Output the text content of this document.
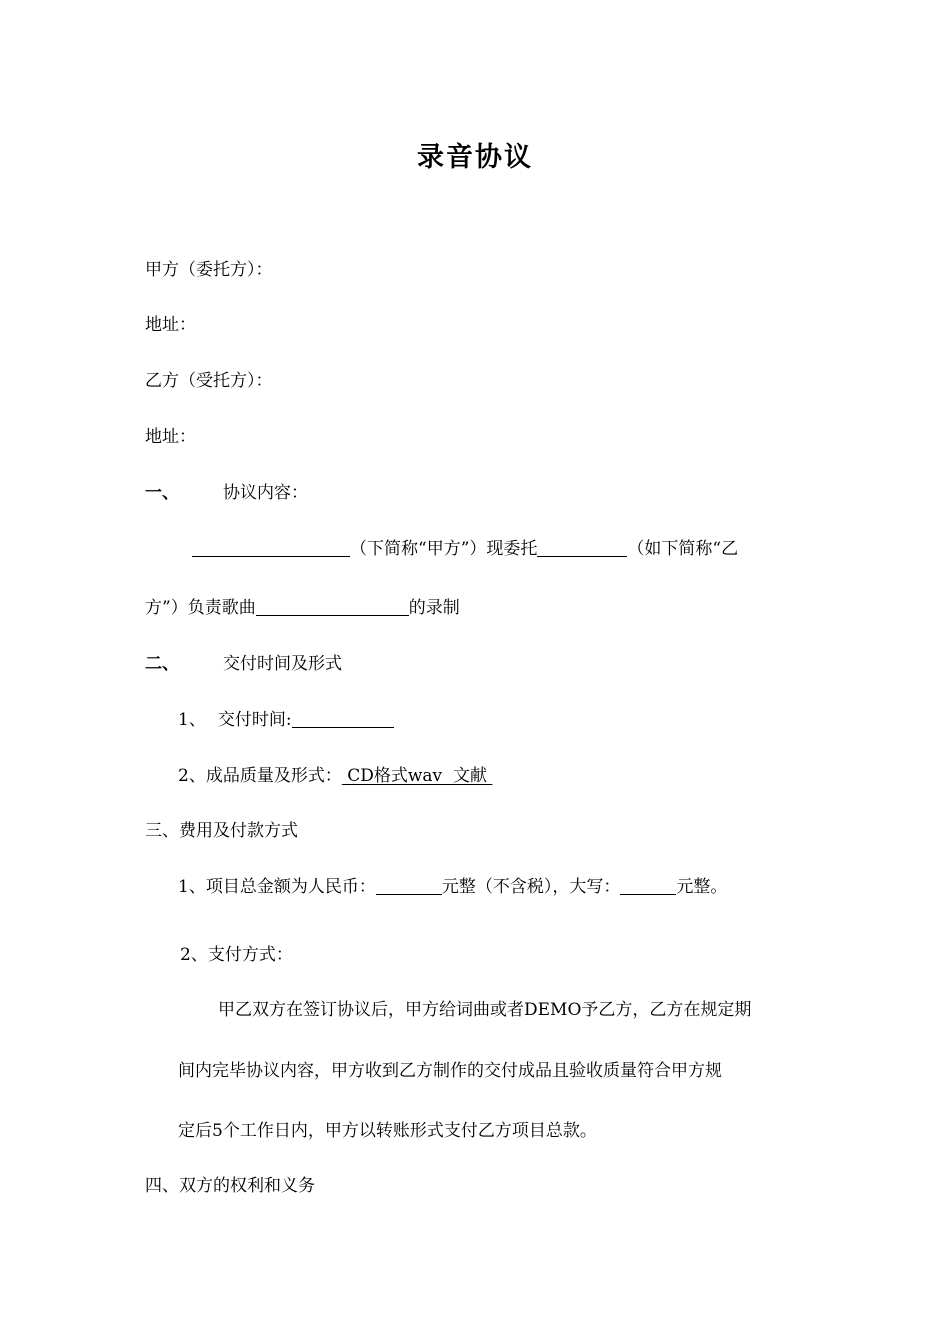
录音协议
甲方（委托方）：
地址：
乙方（受托方）：
地址：
一、	协议内容：
（下简称“甲方”）现委托	（如下简称“乙
方”）负责歌曲	的录制
二、	交付时间及形式
1、 交付时间:
2、成品质量及形式： CD格式wav  文献
三、费用及付款方式
1、项目总金额为人民币：	元整（不含税），大写：	元整。
2、支付方式：
甲乙双方在签订协议后，甲方给词曲或者DEMO予乙方，乙方在规定期
间内完毕协议内容，甲方收到乙方制作的交付成品且验收质量符合甲方规
定后5个工作日内，甲方以转账形式支付乙方项目总款。
四、双方的权利和义务
